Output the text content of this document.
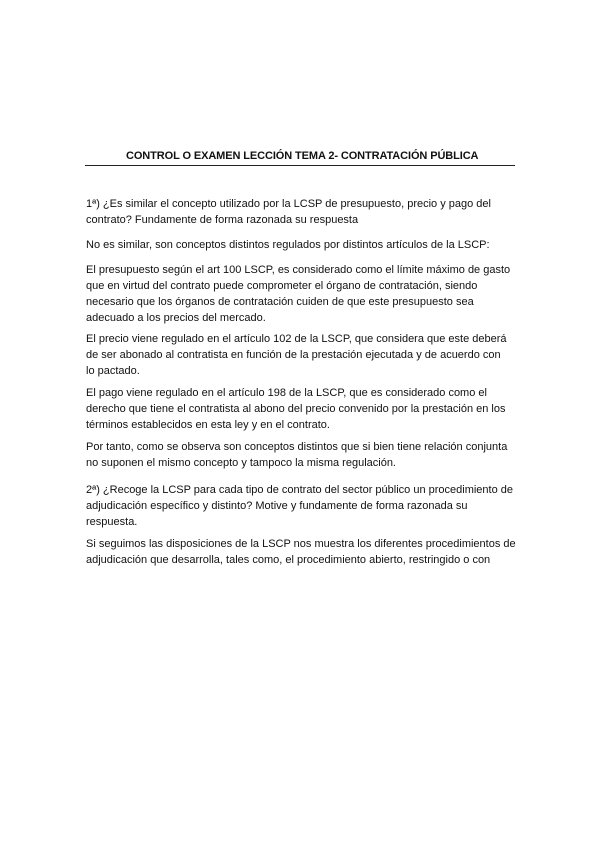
CONTROL O EXAMEN LECCIÓN TEMA 2- CONTRATACIÓN PÚBLICA

1ª) ¿Es similar el concepto utilizado por la LCSP de presupuesto, precio y pago del
contrato? Fundamente de forma razonada su respuesta

No es similar, son conceptos distintos regulados por distintos artículos de la LSCP:

El presupuesto según el art 100 LSCP, es considerado como el límite máximo de gasto
que en virtud del contrato puede comprometer el órgano de contratación, siendo
necesario que los órganos de contratación cuiden de que este presupuesto sea
adecuado a los precios del mercado.

El precio viene regulado en el artículo 102 de la LSCP, que considera que este deberá
de ser abonado al contratista en función de la prestación ejecutada y de acuerdo con
lo pactado.

El pago viene regulado en el artículo 198 de la LSCP, que es considerado como el
derecho que tiene el contratista al abono del precio convenido por la prestación en los
términos establecidos en esta ley y en el contrato.

Por tanto, como se observa son conceptos distintos que si bien tiene relación conjunta
no suponen el mismo concepto y tampoco la misma regulación.

2ª) ¿Recoge la LCSP para cada tipo de contrato del sector público un procedimiento de
adjudicación específico y distinto? Motive y fundamente de forma razonada su
respuesta.

Si seguimos las disposiciones de la LSCP nos muestra los diferentes procedimientos de
adjudicación que desarrolla, tales como, el procedimiento abierto, restringido o con
